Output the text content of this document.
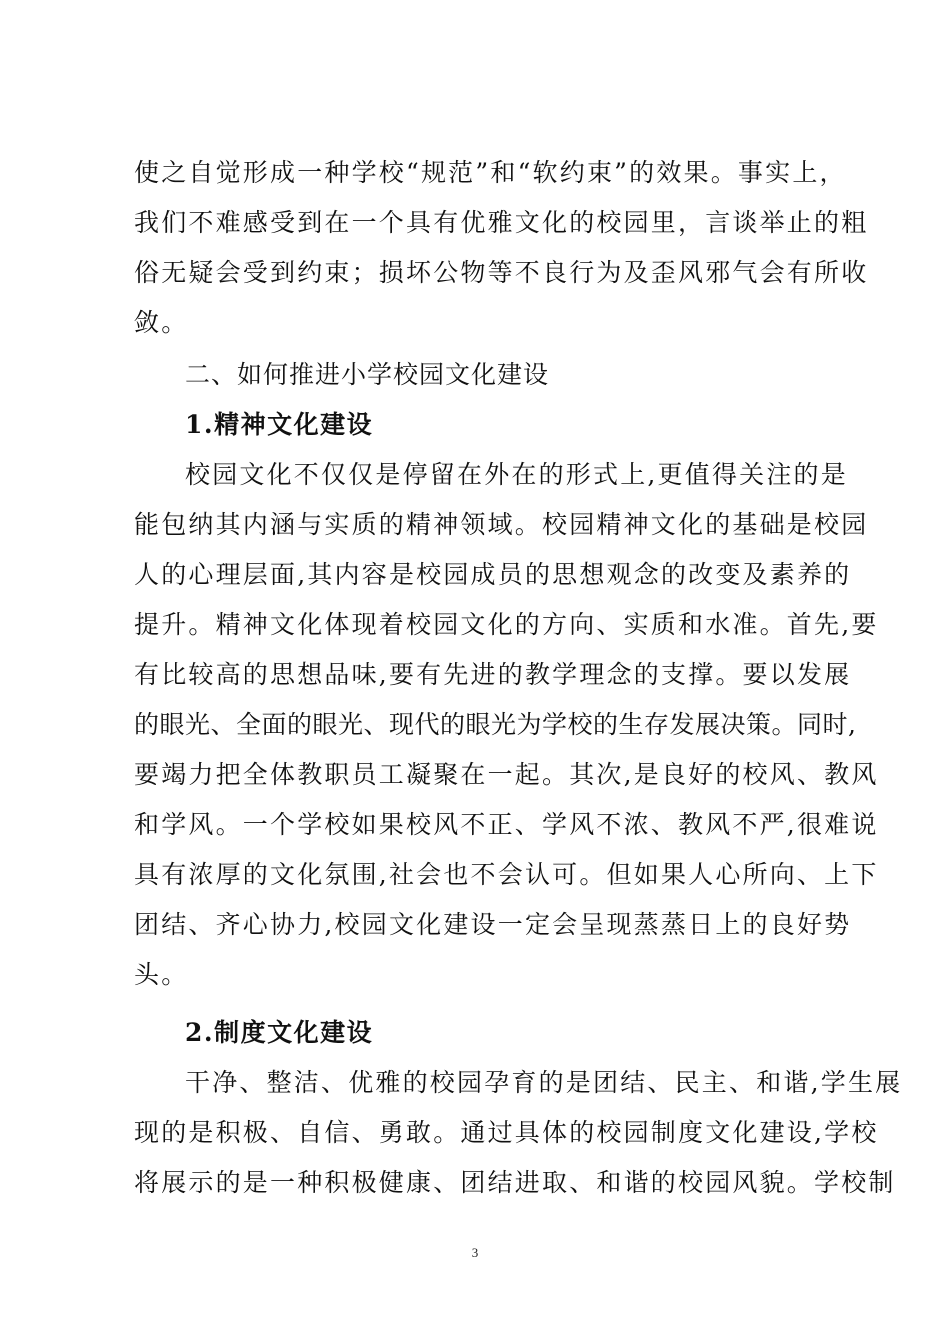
使之自觉形成一种学校“规范”和“软约束”的效果。事实上，
我们不难感受到在一个具有优雅文化的校园里，言谈举止的粗
俗无疑会受到约束；损坏公物等不良行为及歪风邪气会有所收
敛。
二、如何推进小学校园文化建设
1.精神文化建设
校园文化不仅仅是停留在外在的形式上,更值得关注的是
能包纳其内涵与实质的精神领域。校园精神文化的基础是校园
人的心理层面,其内容是校园成员的思想观念的改变及素养的
提升。精神文化体现着校园文化的方向、实质和水准。首先,要
有比较高的思想品味,要有先进的教学理念的支撑。要以发展
的眼光、全面的眼光、现代的眼光为学校的生存发展决策。同时,
要竭力把全体教职员工凝聚在一起。其次,是良好的校风、教风
和学风。一个学校如果校风不正、学风不浓、教风不严,很难说
具有浓厚的文化氛围,社会也不会认可。但如果人心所向、上下
团结、齐心协力,校园文化建设一定会呈现蒸蒸日上的良好势
头。
2.制度文化建设
干净、整洁、优雅的校园孕育的是团结、民主、和谐,学生展
现的是积极、自信、勇敢。通过具体的校园制度文化建设,学校
将展示的是一种积极健康、团结进取、和谐的校园风貌。学校制
3
